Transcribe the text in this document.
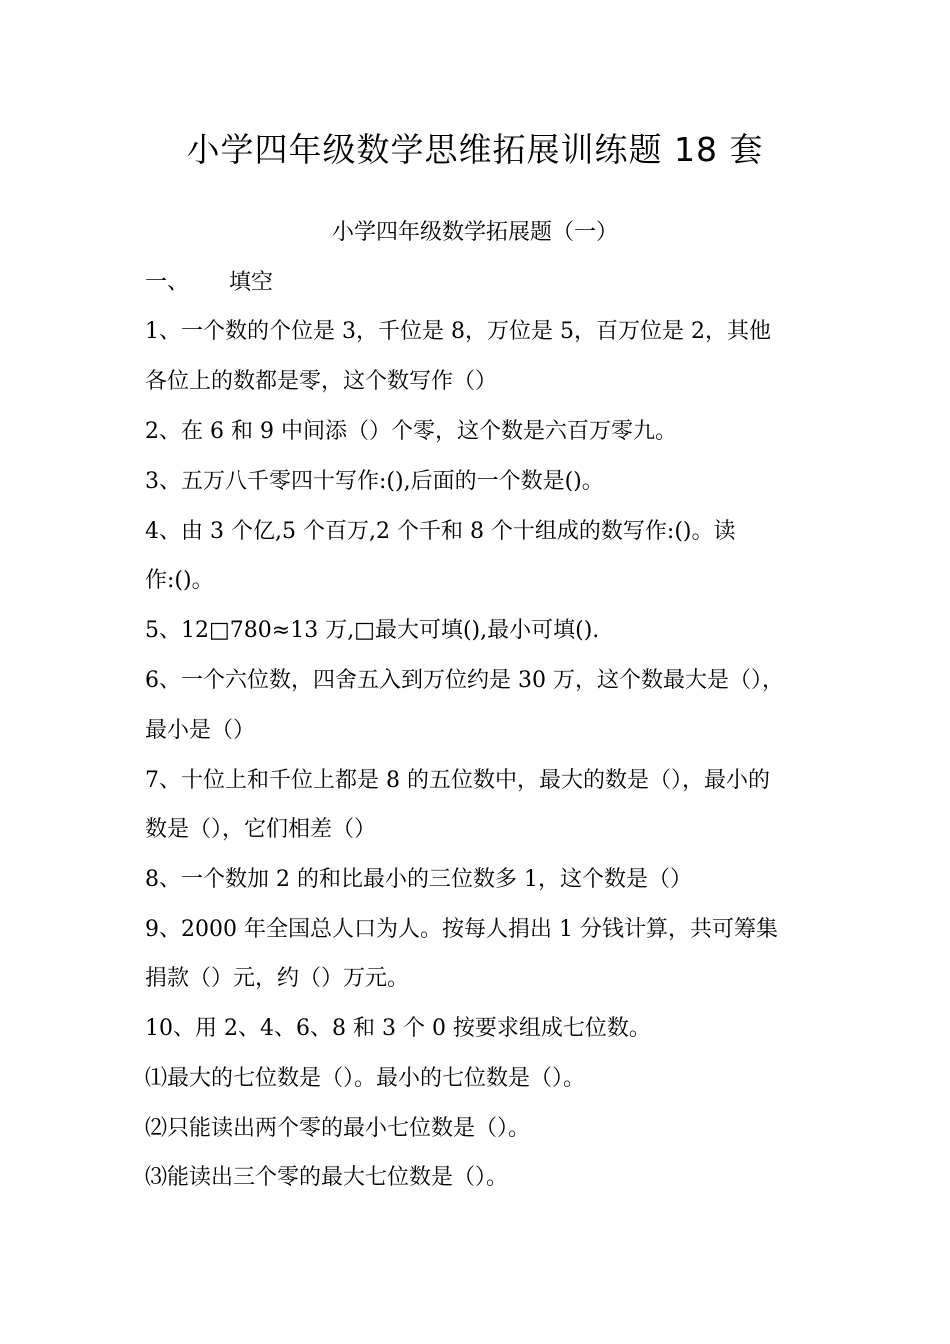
小学四年级数学思维拓展训练题 18 套
小学四年级数学拓展题（一）
一、 填空
1、一个数的个位是 3，千位是 8，万位是 5，百万位是 2，其他
各位上的数都是零，这个数写作（）
2、在 6 和 9 中间添（）个零，这个数是六百万零九。
3、五万八千零四十写作:(),后面的一个数是()。
4、由 3 个亿,5 个百万,2 个千和 8 个十组成的数写作:()。读
作:()。
5、12□780≈13 万,□最大可填(),最小可填().
6、一个六位数，四舍五入到万位约是 30 万，这个数最大是（），
最小是（）
7、十位上和千位上都是 8 的五位数中，最大的数是（），最小的
数是（），它们相差（）
8、一个数加 2 的和比最小的三位数多 1，这个数是（）
9、2000 年全国总人口为人。按每人捐出 1 分钱计算，共可筹集
捐款（）元，约（）万元。
10、用 2、4、6、8 和 3 个 0 按要求组成七位数。
⑴最大的七位数是（）。最小的七位数是（）。
⑵只能读出两个零的最小七位数是（）。
⑶能读出三个零的最大七位数是（）。
